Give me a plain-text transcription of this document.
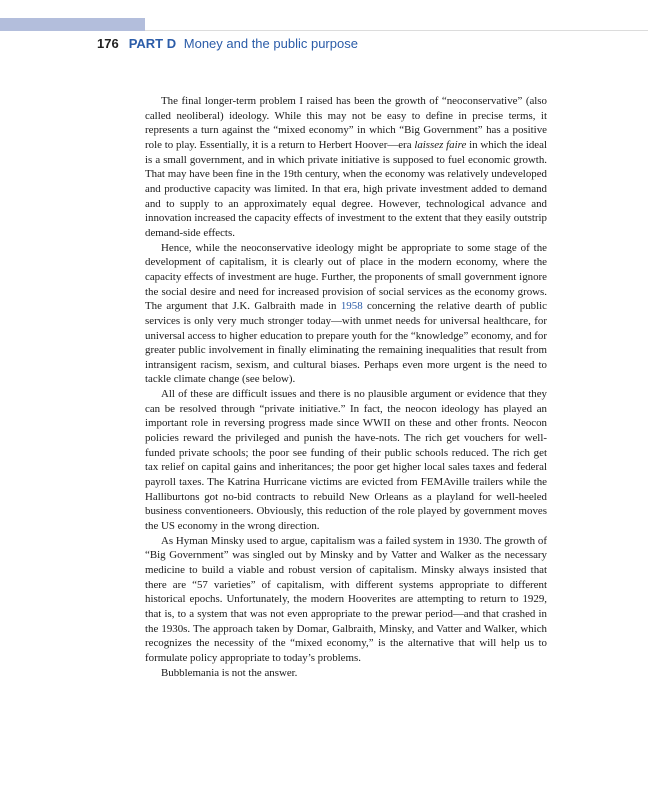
176 PART D Money and the public purpose

The final longer-term problem I raised has been the growth of “neoconservative” (also called neoliberal) ideology. While this may not be easy to define in precise terms, it represents a turn against the “mixed economy” in which “Big Government” has a positive role to play. Essentially, it is a return to Herbert Hoover—era laissez faire in which the ideal is a small government, and in which private initiative is supposed to fuel economic growth. That may have been fine in the 19th century, when the economy was relatively undeveloped and productive capacity was limited. In that era, high private investment added to demand and to supply to an approximately equal degree. However, technological advance and innovation increased the capacity effects of investment to the extent that they easily outstrip demand-side effects.

Hence, while the neoconservative ideology might be appropriate to some stage of the development of capitalism, it is clearly out of place in the modern economy, where the capacity effects of investment are huge. Further, the proponents of small government ignore the social desire and need for increased provision of social services as the economy grows. The argument that J.K. Galbraith made in 1958 concerning the relative dearth of public services is only very much stronger today—with unmet needs for universal healthcare, for universal access to higher education to prepare youth for the “knowledge” economy, and for greater public involvement in finally eliminating the remaining inequalities that result from intransigent racism, sexism, and cultural biases. Perhaps even more urgent is the need to tackle climate change (see below).

All of these are difficult issues and there is no plausible argument or evidence that they can be resolved through “private initiative.” In fact, the neocon ideology has played an important role in reversing progress made since WWII on these and other fronts. Neocon policies reward the privileged and punish the have-nots. The rich get vouchers for well-funded private schools; the poor see funding of their public schools reduced. The rich get tax relief on capital gains and inheritances; the poor get higher local sales taxes and federal payroll taxes. The Katrina Hurricane victims are evicted from FEMAville trailers while the Halliburtons got no-bid contracts to rebuild New Orleans as a playland for well-heeled business conventioneers. Obviously, this reduction of the role played by government moves the US economy in the wrong direction.

As Hyman Minsky used to argue, capitalism was a failed system in 1930. The growth of “Big Government” was singled out by Minsky and by Vatter and Walker as the necessary medicine to build a viable and robust version of capitalism. Minsky always insisted that there are “57 varieties” of capitalism, with different systems appropriate to different historical epochs. Unfortunately, the modern Hooverites are attempting to return to 1929, that is, to a system that was not even appropriate to the prewar period—and that crashed in the 1930s. The approach taken by Domar, Galbraith, Minsky, and Vatter and Walker, which recognizes the necessity of the “mixed economy,” is the alternative that will help us to formulate policy appropriate to today’s problems.

Bubblemania is not the answer.
